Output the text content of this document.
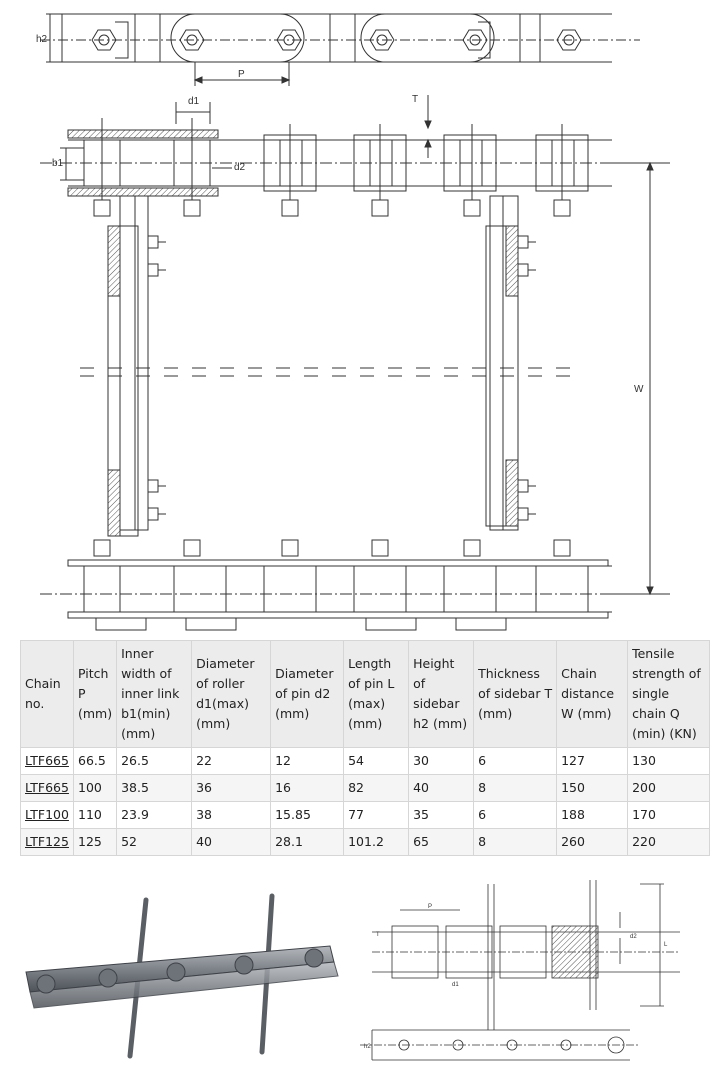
h2
P
d1	T
b1	d2
W
Chain no.	Pitch P (mm)	Inner width of inner link b1(min) (mm)	Diameter of roller d1(max) (mm)	Diameter of pin d2 (mm)	Length of pin L (max) (mm)	Height of sidebar h2 (mm)	Thickness of sidebar T (mm)	Chain distance W (mm)	Tensile strength of single chain Q (min) (KN)
LTF665	66.5	26.5	22	12	54	30	6	127	130
LTF665	100	38.5	36	16	82	40	8	150	200
LTF100	110	23.9	38	15.85	77	35	6	188	170
LTF125	125	52	40	28.1	101.2	65	8	260	220
T
P
L
d1
d2
h2
